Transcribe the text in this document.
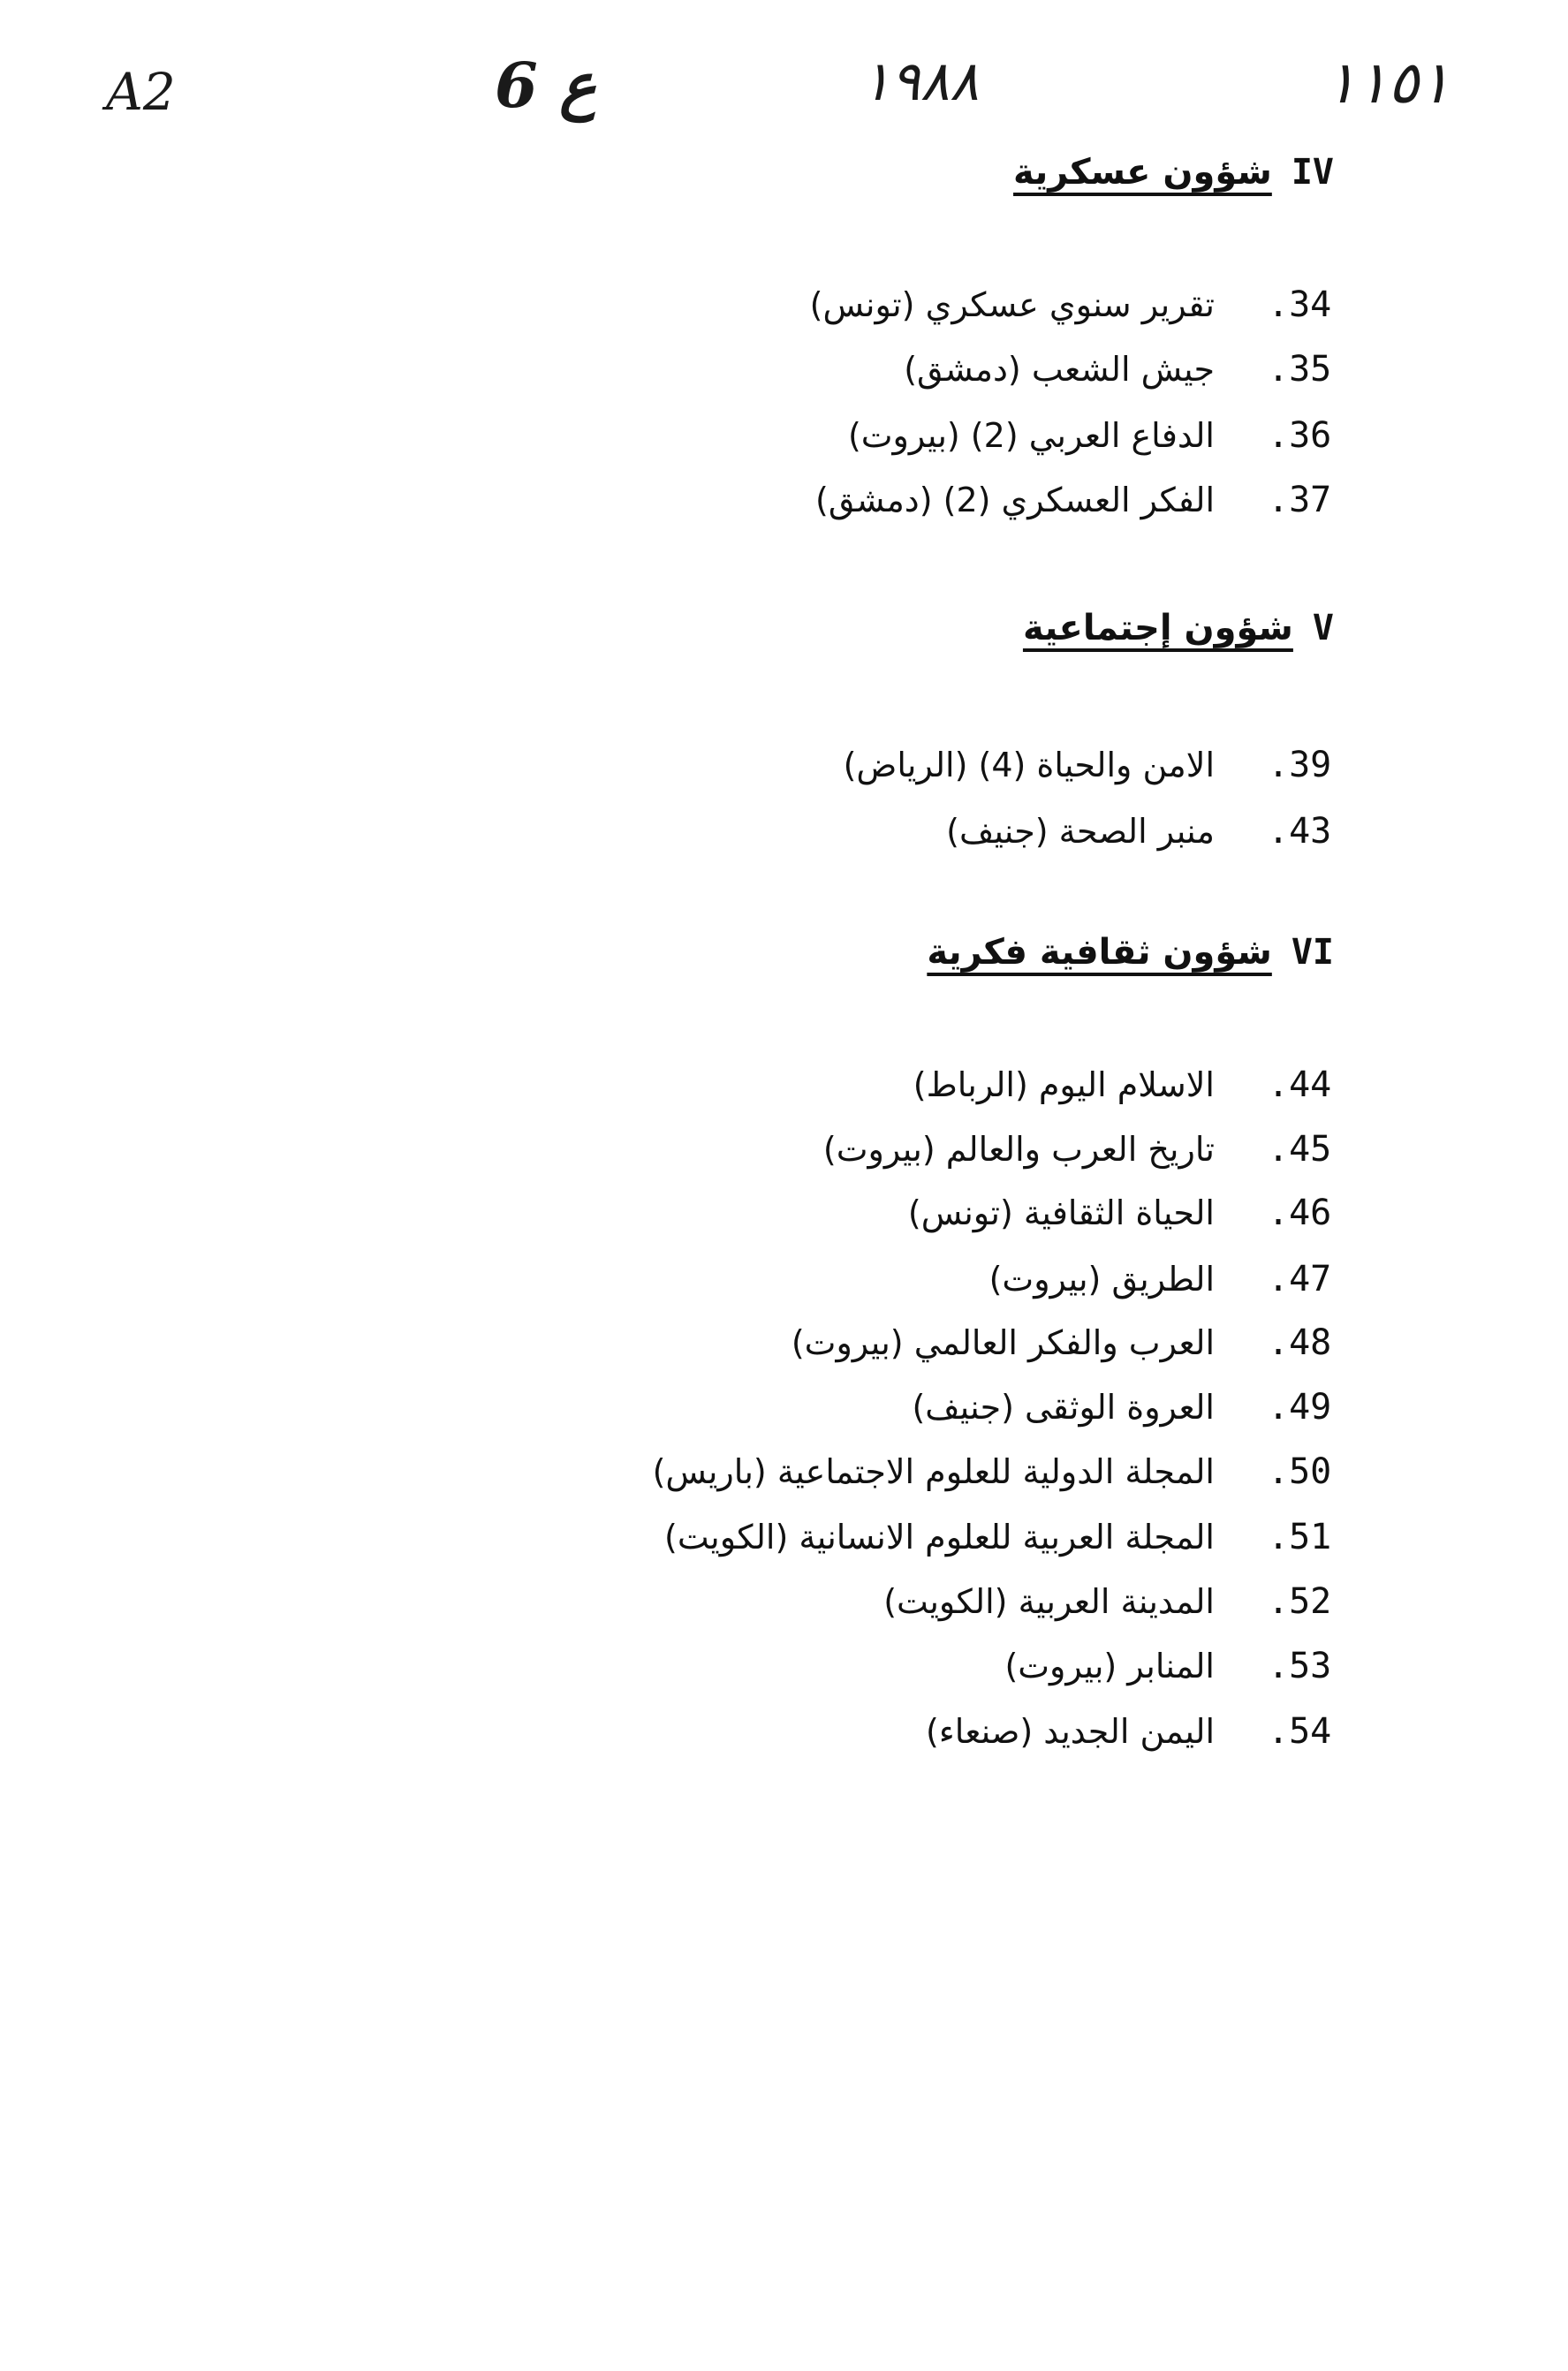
A2	6 ع	١٩٨٨	١١٥١
شؤون عسكرية IV
تقرير سنوي عسكري (تونس) .34
جيش الشعب (دمشق) .35
الدفاع العربي (2) (بيروت) .36
الفكر العسكري (2) (دمشق) .37
شؤون إجتماعية V
الامن والحياة (4) (الرياض) .39
منبر الصحة (جنيف) .43
شؤون ثقافية فكرية VI
الاسلام اليوم (الرباط) .44
تاريخ العرب والعالم (بيروت) .45
الحياة الثقافية (تونس) .46
الطريق (بيروت) .47
العرب والفكر العالمي (بيروت) .48
العروة الوثقى (جنيف) .49
المجلة الدولية للعلوم الاجتماعية (باريس) .50
المجلة العربية للعلوم الانسانية (الكويت) .51
المدينة العربية (الكويت) .52
المنابر (بيروت) .53
اليمن الجديد (صنعاء) .54
